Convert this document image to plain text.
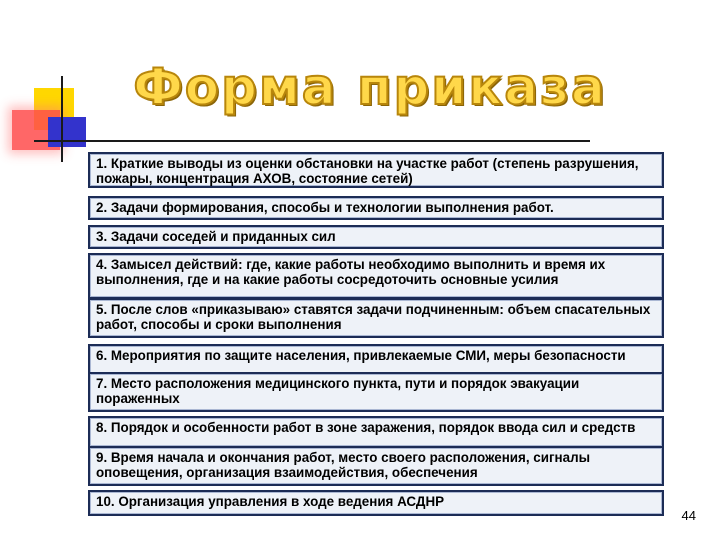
Форма приказа
1. Краткие выводы из оценки обстановки на участке работ (степень разрушения, пожары, концентрация АХОВ, состояние сетей)
2. Задачи формирования, способы и технологии выполнения работ.
3. Задачи соседей и приданных сил
4. Замысел действий: где, какие работы необходимо выполнить и время их выполнения, где и на какие работы сосредоточить основные усилия
5. После слов «приказываю» ставятся задачи подчиненным: объем спасательных работ, способы и сроки выполнения
6. Мероприятия по защите населения, привлекаемые СМИ, меры безопасности
7. Место расположения медицинского пункта, пути и порядок эвакуации пораженных
8. Порядок и особенности работ в зоне заражения, порядок ввода сил и средств
9. Время начала и окончания работ, место своего расположения, сигналы оповещения, организация взаимодействия, обеспечения
10. Организация управления в ходе ведения АСДНР
44
